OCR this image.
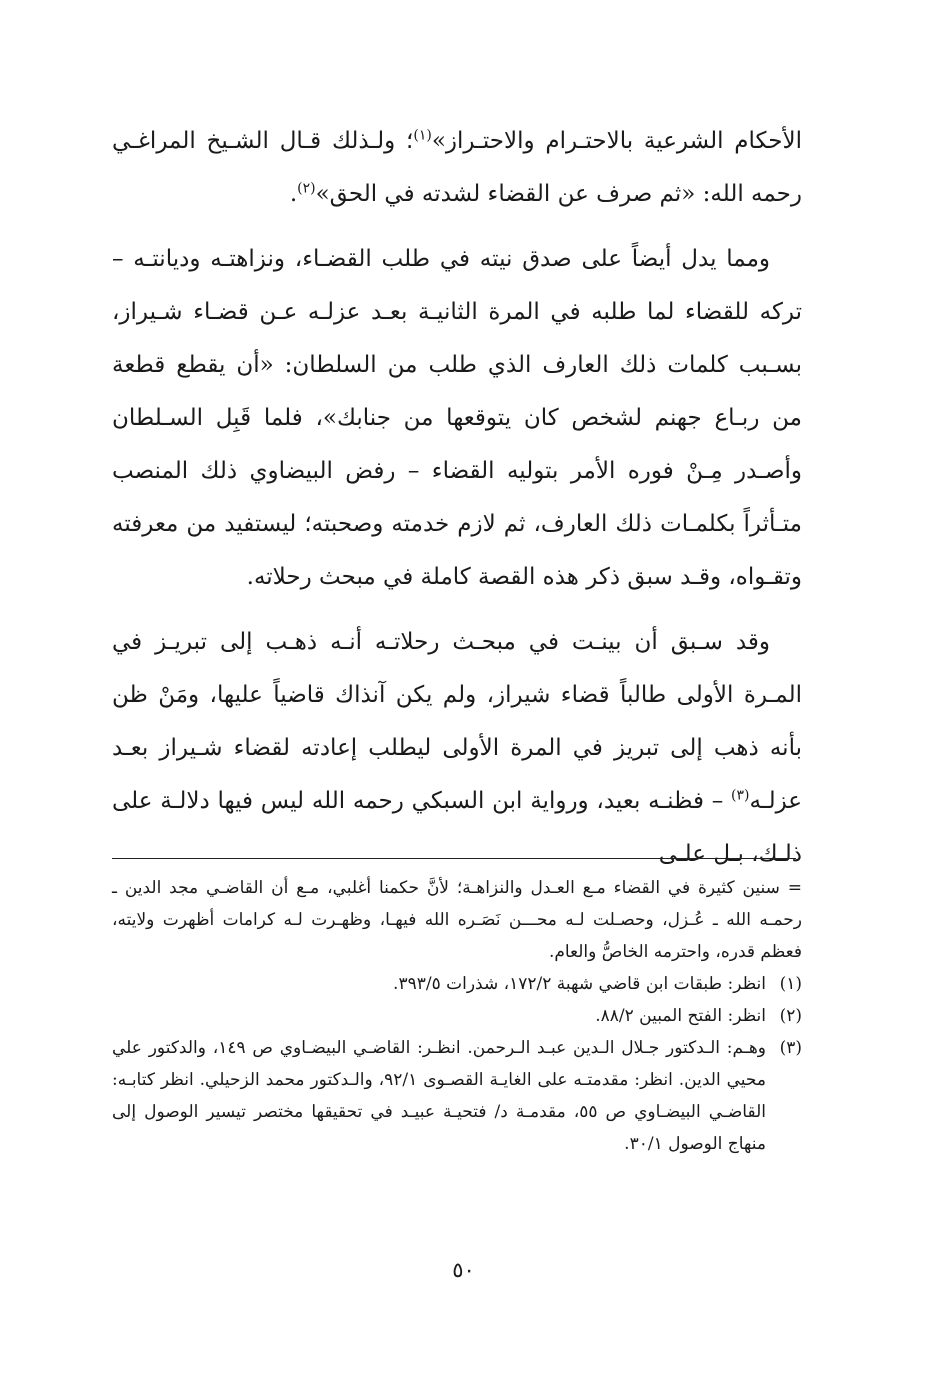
الأحكام الشرعية بالاحتـرام والاحتـراز»$^{(١)}$؛ ولـذلك قـال الشـيخ المراغـي رحمه الله: «ثم صرف عن القضاء لشدته في الحق»$^{(٢)}$.

ومما يدل أيضاً على صدق نيته في طلب القضـاء، ونزاهتـه وديانتـه – تركه للقضاء لما طلبه في المرة الثانيـة بعـد عزلـه عـن قضـاء شـيراز، بسـبب كلمات ذلك العارف الذي طلب من السلطان: «أن يقطع قطعة من ربـاع جهنم لشخص كان يتوقعها من جنابك»، فلما قَبِل السـلطان وأصـدر مِـنْ فوره الأمر بتوليه القضاء – رفض البيضاوي ذلك المنصب متـأثراً بكلمـات ذلك العارف، ثم لازم خدمته وصحبته؛ ليستفيد من معرفته وتقـواه، وقـد سبق ذكر هذه القصة كاملة في مبحث رحلاته.

وقد سـبق أن بينـت في مبحـث رحلاتـه أنـه ذهـب إلى تبريـز في المـرة الأولى طالباً قضاء شيراز، ولم يكن آنذاك قاضياً عليها، ومَنْ ظن بأنه ذهب إلى تبريز في المرة الأولى ليطلب إعادته لقضاء شـيراز بعـد عزلـه$^{(٣)}$ – فظنـه بعيد، ورواية ابن السبكي رحمه الله ليس فيها دلالـة على ذلـك، بـل علـى

= سنين كثيرة في القضاء مـع العـدل والنزاهـة؛ لأنَّ حكمنا أغلبي، مـع أن القاضـي مجد الدين ـ رحمـه الله ـ عُـزل، وحصـلت لـه محـــن نَصَـره الله فيهـا، وظهـرت لـه كرامات أظهرت ولايته، فعظم قدره، واحترمه الخاصُّ والعام.

(١)انظر: طبقات ابن قاضي شهبة ١٧٢/٢، شذرات ٣٩٣/٥.

(٢)انظر: الفتح المبين ٨٨/٢.

(٣)وهـم: الـدكتور جـلال الـدين عبـد الـرحمن. انظـر: القاضـي البيضـاوي ص ١٤٩، والدكتور علي محيي الدين. انظر: مقدمتـه على الغايـة القصـوى ٩٢/١، والـدكتور محمد الزحيلي. انظر كتابـه: القاضـي البيضـاوي ص ٥٥، مقدمـة د/ فتحيـة عبيـد في تحقيقها مختصر تيسير الوصول إلى منهاج الوصول ٣٠/١.

٥٠
